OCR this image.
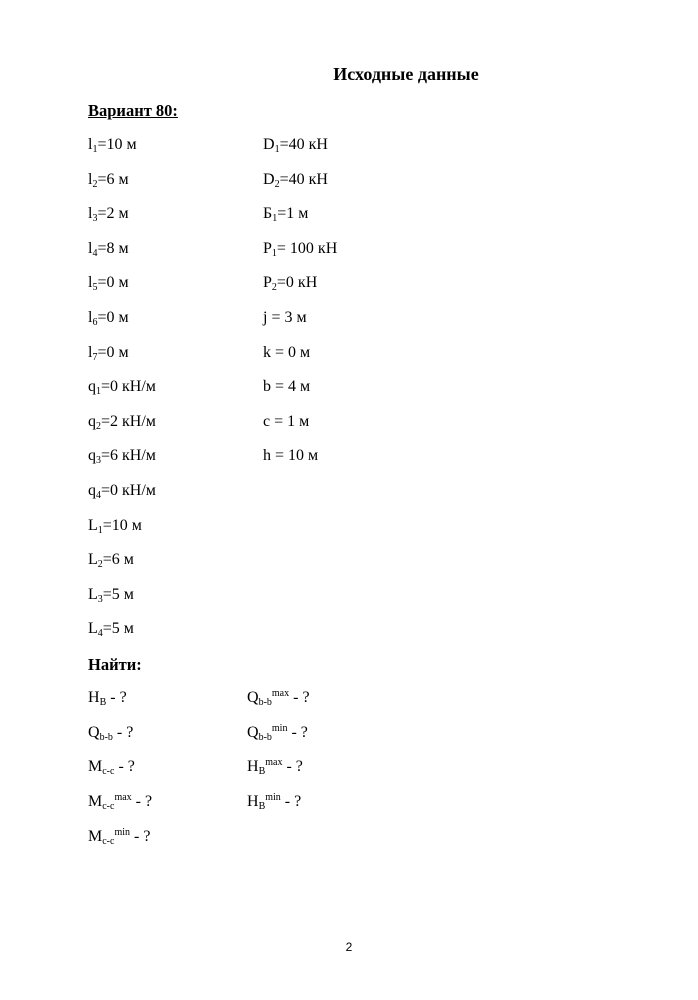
Исходные данные
Вариант 80:
$l_1=10$ м
$l_2=6$ м
$l_3=2$ м
$l_4=8$ м
$l_5=0$ м
$l_6=0$ м
$l_7=0$ м
$q_1=0$ кН/м
$q_2=2$ кН/м
$q_3=6$ кН/м
$q_4=0$ кН/м
$L_1=10$ м
$L_2=6$ м
$L_3=5$ м
$L_4=5$ м
$D_1=40$ кН
$D_2=40$ кН
$Б_1=1$ м
$P_1= 100$ кН
$P_2=0$ кН
j = 3 м
k = 0 м
b = 4 м
c = 1 м
h = 10 м
Найти:
$H_B$ - ?
$Q_{b-b}$ - ?
$M_{c-c}$ - ?
$M_{c-c}^{max}$ - ?
$M_{c-c}^{min}$ - ?
$Q_{b-b}^{max}$ - ?
$Q_{b-b}^{min}$ - ?
$H_B^{max}$ - ?
$H_B^{min}$ - ?
2
